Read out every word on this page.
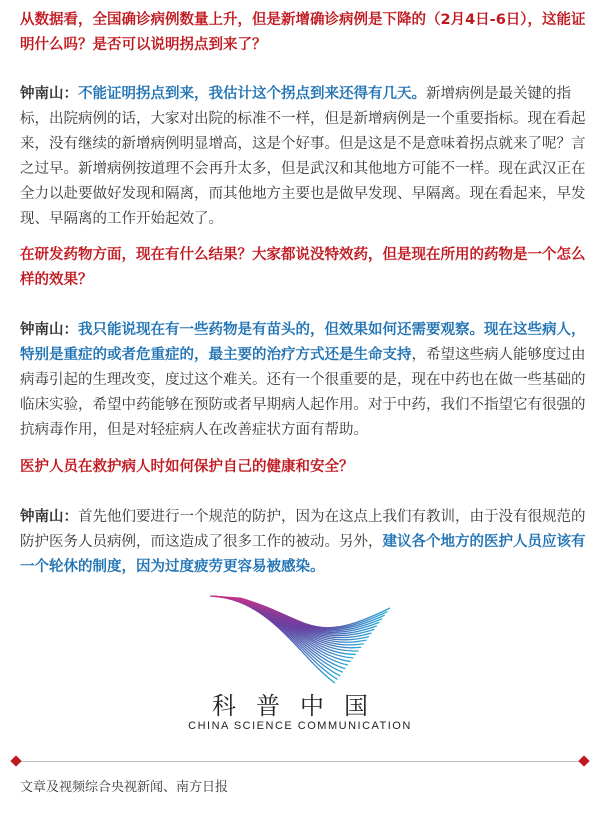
从数据看，全国确诊病例数量上升，但是新增确诊病例是下降的（2月4日-6日），这能证明什么吗？是否可以说明拐点到来了？
钟南山：不能证明拐点到来，我估计这个拐点到来还得有几天。新增病例是最关键的指标，出院病例的话，大家对出院的标准不一样，但是新增病例是一个重要指标。现在看起来，没有继续的新增病例明显增高，这是个好事。但是这是不是意味着拐点就来了呢？言之过早。新增病例按道理不会再升太多，但是武汉和其他地方可能不一样。现在武汉正在全力以赴要做好发现和隔离，而其他地方主要也是做早发现、早隔离。现在看起来，早发现、早隔离的工作开始起效了。
在研发药物方面，现在有什么结果？大家都说没特效药，但是现在所用的药物是一个怎么样的效果？
钟南山：我只能说现在有一些药物是有苗头的，但效果如何还需要观察。现在这些病人，特别是重症的或者危重症的，最主要的治疗方式还是生命支持，希望这些病人能够度过由病毒引起的生理改变，度过这个难关。还有一个很重要的是，现在中药也在做一些基础的临床实验，希望中药能够在预防或者早期病人起作用。对于中药，我们不指望它有很强的抗病毒作用，但是对轻症病人在改善症状方面有帮助。
医护人员在救护病人时如何保护自己的健康和安全？
钟南山：首先他们要进行一个规范的防护，因为在这点上我们有教训，由于没有很规范的防护医务人员病例，而这造成了很多工作的被动。另外，建议各个地方的医护人员应该有一个轮休的制度，因为过度疲劳更容易被感染。
科普中国
CHINA SCIENCE COMMUNICATION
文章及视频综合央视新闻、南方日报
